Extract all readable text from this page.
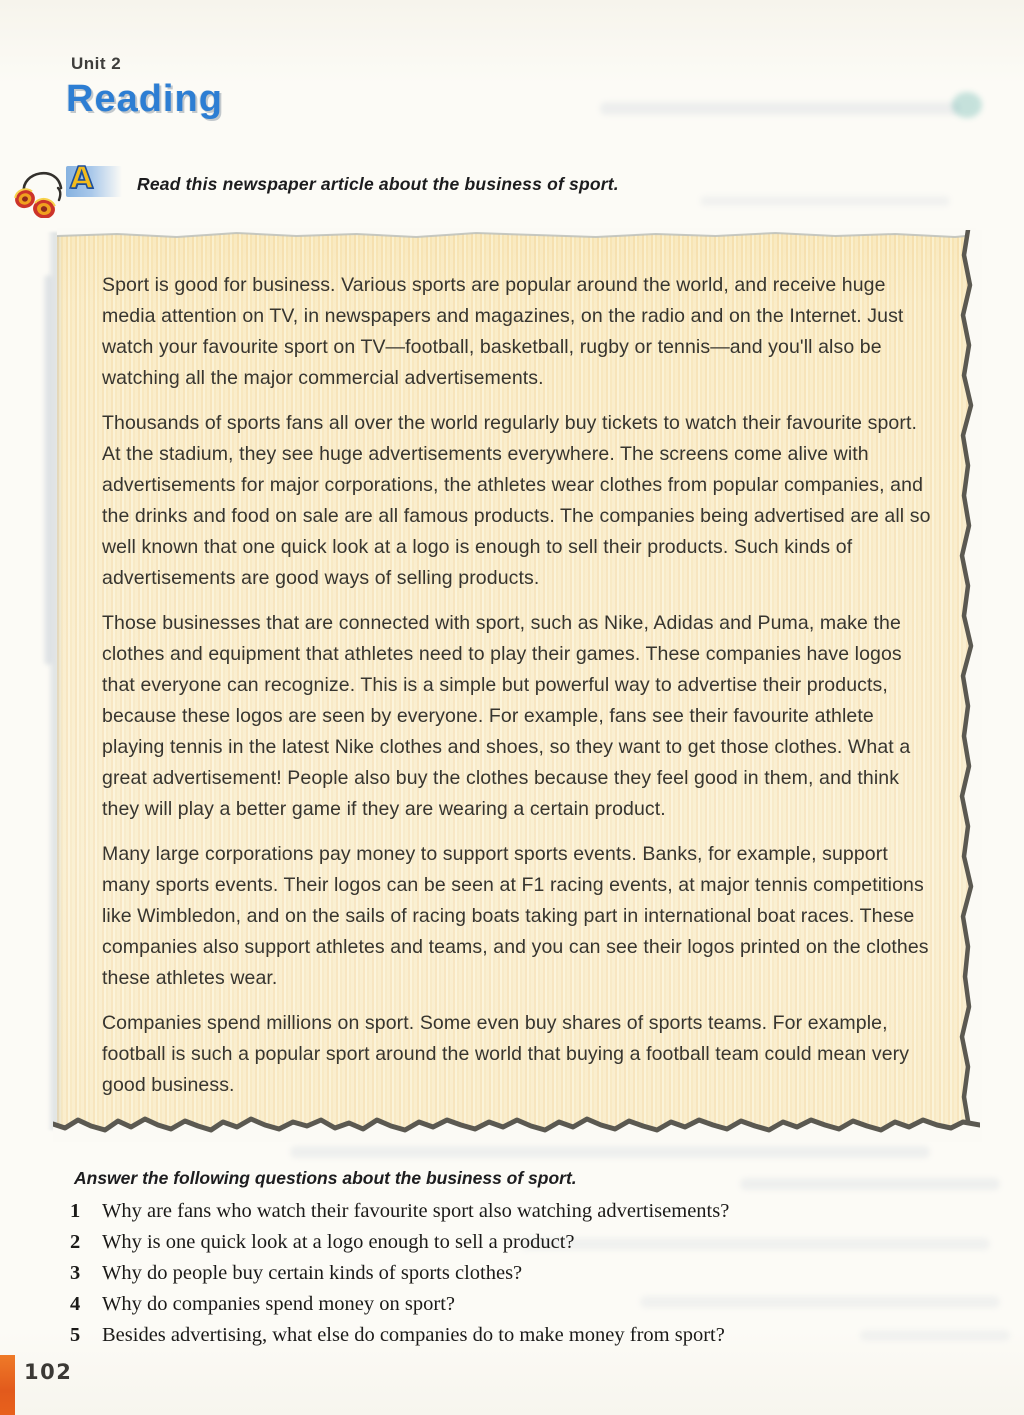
Unit 2
Reading
A	Read this newspaper article about the business of sport.

Sport is good for business. Various sports are popular around the world, and receive huge media attention on TV, in newspapers and magazines, on the radio and on the Internet. Just watch your favourite sport on TV—football, basketball, rugby or tennis—and you'll also be watching all the major commercial advertisements.

Thousands of sports fans all over the world regularly buy tickets to watch their favourite sport. At the stadium, they see huge advertisements everywhere. The screens come alive with advertisements for major corporations, the athletes wear clothes from popular companies, and the drinks and food on sale are all famous products. The companies being advertised are all so well known that one quick look at a logo is enough to sell their products. Such kinds of advertisements are good ways of selling products.

Those businesses that are connected with sport, such as Nike, Adidas and Puma, make the clothes and equipment that athletes need to play their games. These companies have logos that everyone can recognize. This is a simple but powerful way to advertise their products, because these logos are seen by everyone. For example, fans see their favourite athlete playing tennis in the latest Nike clothes and shoes, so they want to get those clothes. What a great advertisement! People also buy the clothes because they feel good in them, and think they will play a better game if they are wearing a certain product.

Many large corporations pay money to support sports events. Banks, for example, support many sports events. Their logos can be seen at F1 racing events, at major tennis competitions like Wimbledon, and on the sails of racing boats taking part in international boat races. These companies also support athletes and teams, and you can see their logos printed on the clothes these athletes wear.

Companies spend millions on sport. Some even buy shares of sports teams. For example, football is such a popular sport around the world that buying a football team could mean very good business.

Answer the following questions about the business of sport.
1	Why are fans who watch their favourite sport also watching advertisements?
2	Why is one quick look at a logo enough to sell a product?
3	Why do people buy certain kinds of sports clothes?
4	Why do companies spend money on sport?
5	Besides advertising, what else do companies do to make money from sport?
102
